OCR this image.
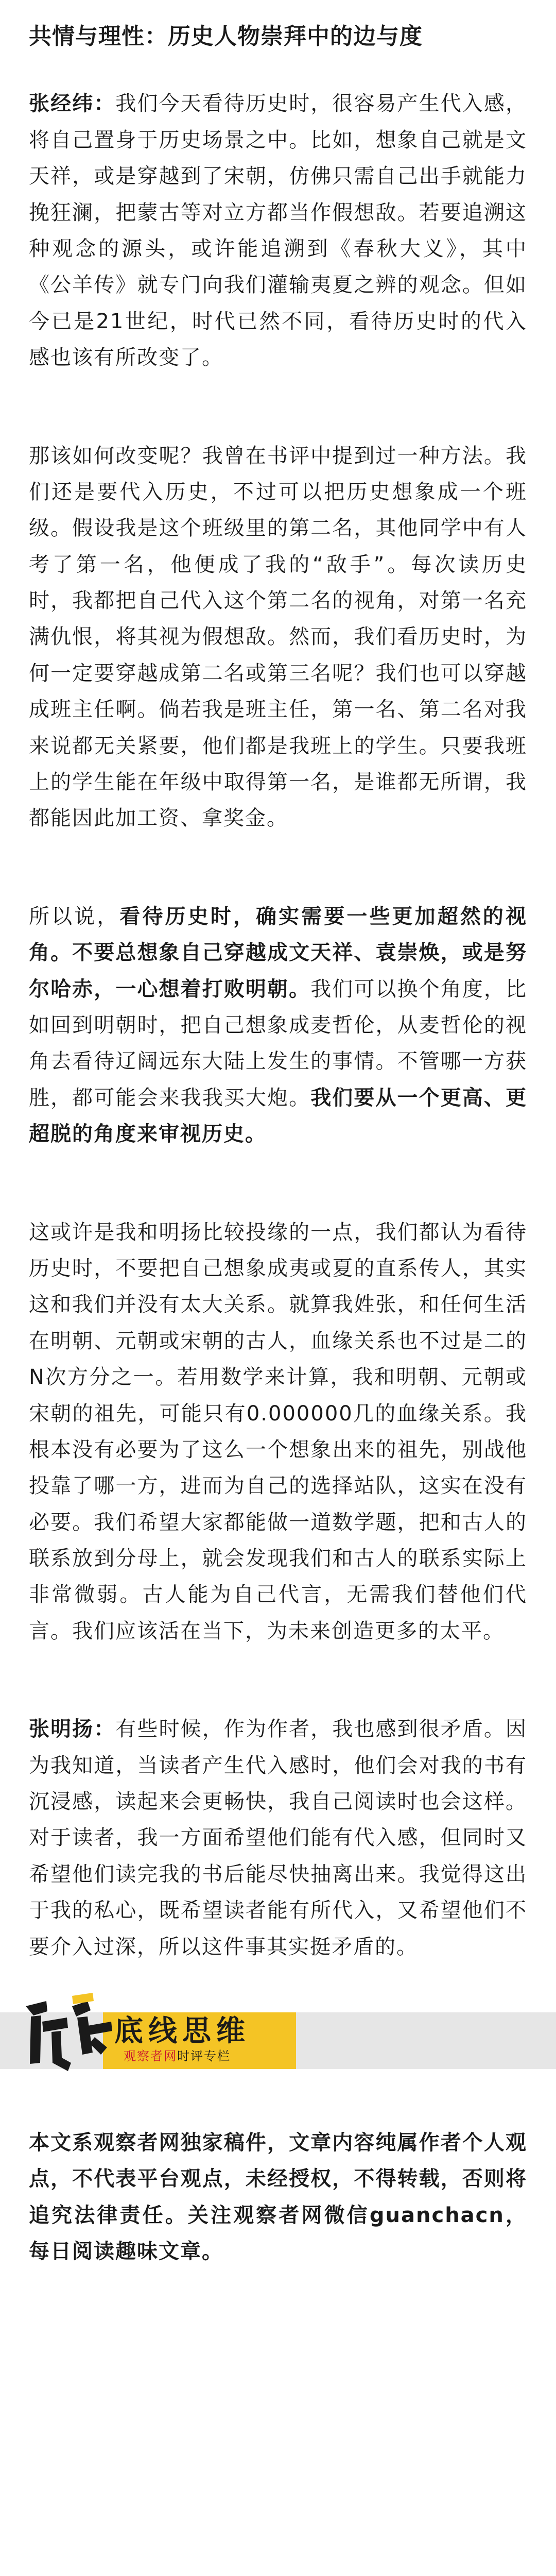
共情与理性：历史人物崇拜中的边与度
张经纬：我们今天看待历史时，很容易产生代入感，将自己置身于历史场景之中。比如，想象自己就是文天祥，或是穿越到了宋朝，仿佛只需自己出手就能力挽狂澜，把蒙古等对立方都当作假想敌。若要追溯这种观念的源头，或许能追溯到《春秋大义》，其中《公羊传》就专门向我们灌输夷夏之辨的观念。但如今已是21世纪，时代已然不同，看待历史时的代入感也该有所改变了。
那该如何改变呢？我曾在书评中提到过一种方法。我们还是要代入历史，不过可以把历史想象成一个班级。假设我是这个班级里的第二名，其他同学中有人考了第一名，他便成了我的“敌手”。每次读历史时，我都把自己代入这个第二名的视角，对第一名充满仇恨，将其视为假想敌。然而，我们看历史时，为何一定要穿越成第二名或第三名呢？我们也可以穿越成班主任啊。倘若我是班主任，第一名、第二名对我来说都无关紧要，他们都是我班上的学生。只要我班上的学生能在年级中取得第一名，是谁都无所谓，我都能因此加工资、拿奖金。
所以说，看待历史时，确实需要一些更加超然的视角。不要总想象自己穿越成文天祥、袁崇焕，或是努尔哈赤，一心想着打败明朝。我们可以换个角度，比如回到明朝时，把自己想象成麦哲伦，从麦哲伦的视角去看待辽阔远东大陆上发生的事情。不管哪一方获胜，都可能会来我我买大炮。我们要从一个更高、更超脱的角度来审视历史。
这或许是我和明扬比较投缘的一点，我们都认为看待历史时，不要把自己想象成夷或夏的直系传人，其实这和我们并没有太大关系。就算我姓张，和任何生活在明朝、元朝或宋朝的古人，血缘关系也不过是二的N次方分之一。若用数学来计算，我和明朝、元朝或宋朝的祖先，可能只有0.000000几的血缘关系。我根本没有必要为了这么一个想象出来的祖先，别战他投靠了哪一方，进而为自己的选择站队，这实在没有必要。我们希望大家都能做一道数学题，把和古人的联系放到分母上，就会发现我们和古人的联系实际上非常微弱。古人能为自己代言，无需我们替他们代言。我们应该活在当下，为未来创造更多的太平。
张明扬：有些时候，作为作者，我也感到很矛盾。因为我知道，当读者产生代入感时，他们会对我的书有沉浸感，读起来会更畅快，我自己阅读时也会这样。对于读者，我一方面希望他们能有代入感，但同时又希望他们读完我的书后能尽快抽离出来。我觉得这出于我的私心，既希望读者能有所代入，又希望他们不要介入过深，所以这件事其实挺矛盾的。
底线思维
观察者网时评专栏
本文系观察者网独家稿件，文章内容纯属作者个人观点，不代表平台观点，未经授权，不得转载，否则将追究法律责任。关注观察者网微信guanchacn，每日阅读趣味文章。
